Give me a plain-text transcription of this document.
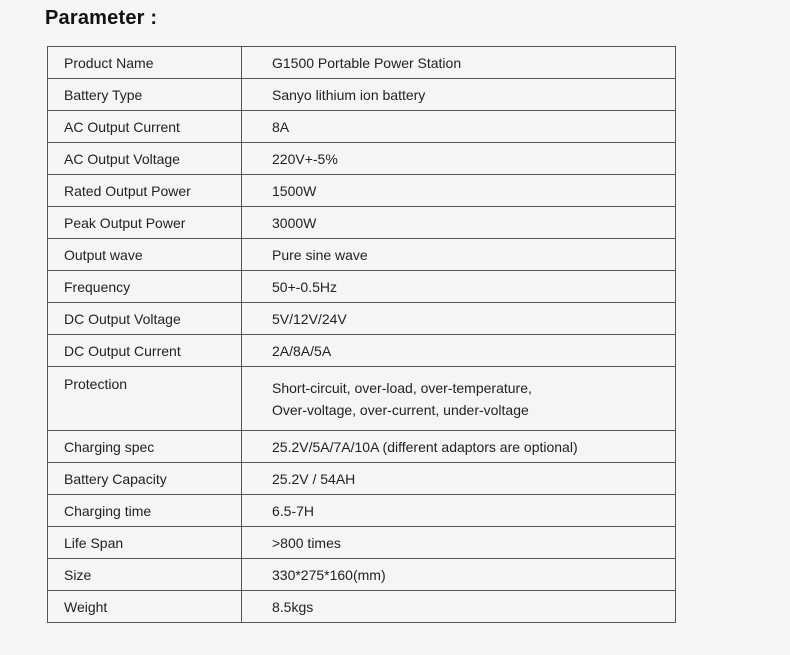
Parameter :
Product Name	G1500 Portable Power Station
Battery Type	Sanyo lithium ion battery
AC Output Current	8A
AC Output Voltage	220V+-5%
Rated Output Power	1500W
Peak Output Power	3000W
Output wave	Pure sine wave
Frequency	50+-0.5Hz
DC Output Voltage	5V/12V/24V
DC Output Current	2A/8A/5A
Protection	Short-circuit, over-load, over-temperature,
Over-voltage, over-current, under-voltage

Charging spec	25.2V/5A/7A/10A (different adaptors are optional)
Battery Capacity	25.2V / 54AH
Charging time	6.5-7H
Life Span	>800 times
Size	330*275*160(mm)
Weight	8.5kgs
